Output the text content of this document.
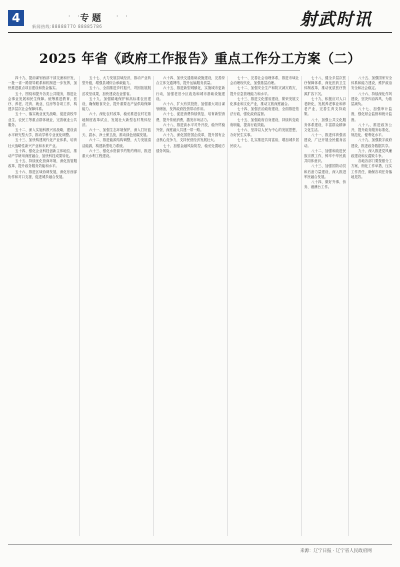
4	· ·
专题 · ·
新闻热线:88888770 88885786	射武时讯
2025 年省《政府工作报告》重点工作分工方案（二）

四十九、提前谋划西部干部交流和开发，一批一省一路领导联系和机制进一步发挥，加快推进重点项目建设和资金落实。

五十、围绕和提升各类公共服务，推进社会事业发展和民生保障。统筹推进教育、医疗、养老、托育、就业、住房等各项工作，构建多层次社会保障体系。

五十一、落实就业优先战略，促进高校毕业生、农民工等重点群体就业，完善就业公共服务。

五十二、深入实施科教兴省战略，建设高水平研究型大学，推动学科专业优化调整。

五十三、加快构建现代化产业体系，培育壮大战略性新兴产业和未来产业。

五十四、强化企业科技创新主体地位，推动产学研用深度融合，加快科技成果转化。

五十五、持续优化营商环境，深化放管服改革，提升政务服务效能和水平。

五十六、推进区域协调发展，深化东西部协作和对口支援，促进城乡融合发展。

五十七、大力发展县域经济，推动产业转型升级，增强县城综合承载能力。

五十八、全面推进乡村振兴，巩固拓展脱贫攻坚成果，加快建设农业强省。

五十九、加强耕地保护和高标准农田建设，确保粮食安全，提升重要农产品供给保障能力。

六十、深化农村改革，稳妥推进农村宅基地制度改革试点，发展壮大新型农村集体经济。

六十一、加强生态环境保护，深入打好蓝天、碧水、净土保卫战，推动绿色低碳发展。

六十二、推进能源结构调整，大力发展清洁能源，构建新型电力系统。

六十三、强化水资源节约集约利用，推进重大水利工程建设。

六十四、加快交通基础设施建设，完善综合立体交通网络，提升运输服务质量。

六十五、推进新型城镇化，实施城市更新行动，加强老旧小区改造和城市基础设施建设。

六十六、扩大有效投资，加强重大项目谋划储备，发挥政府投资带动作用。

六十七、促进消费持续恢复，培育新型消费，提升传统消费，激发市场活力。

六十八、推进高水平对外开放，稳外贸稳外资，深度融入共建一带一路。

六十九、深化国资国企改革，提升国有企业核心竞争力，支持民营经济发展壮大。

七十、加强金融风险防控，稳妥处置地方债务风险。

七十一、完善社会治理体系，推进市域社会治理现代化，加强基层治理。

七十二、加强安全生产和防灾减灾救灾，提升应急管理能力和水平。

七十三、推进文化强省建设，繁荣发展文化事业和文化产业，推动文旅深度融合。

七十四、加强法治政府建设，全面推进依法行政，强化政府监督。

七十五、加强政府自身建设，持续转变政府职能，提高行政效能。

七十六、坚持以人民为中心的发展思想，办好民生实事。

七十七、扎实推进共同富裕，增加城乡居民收入。

七十八、健全多层次医疗保障体系，深化医药卫生体制改革，推动优质医疗资源扩容下沉。

七十九、积极应对人口老龄化，发展养老事业和养老产业，完善生育支持政策。

八十、加强公共文化服务体系建设，丰富群众精神文化生活。

八十一、推进体育强省建设，广泛开展全民健身活动。

八十二、加强和改进民族宗教工作，铸牢中华民族共同体意识。

八十三、加强国防动员和后备力量建设，深入推进军民融合发展。

八十四、做好外事、侨务、港澳台工作。

八十五、加强国家安全体系和能力建设，维护政治安全和社会稳定。

八十六、持续深化作风建设，坚决纠治四风，为基层减负。

八十七、加强审计监督，强化财会监督和统计监督。

八十八、推进政务公开，提升政务服务标准化、规范化、便利化水平。

八十九、加强数字政府建设，推进政务数据共享。

九十、深入推进党风廉政建设和反腐败斗争。

各地各部门要按照分工方案，细化工作举措，压实工作责任，确保各项任务落地见效。

来源：辽宁日报 · 辽宁省人民政府网
